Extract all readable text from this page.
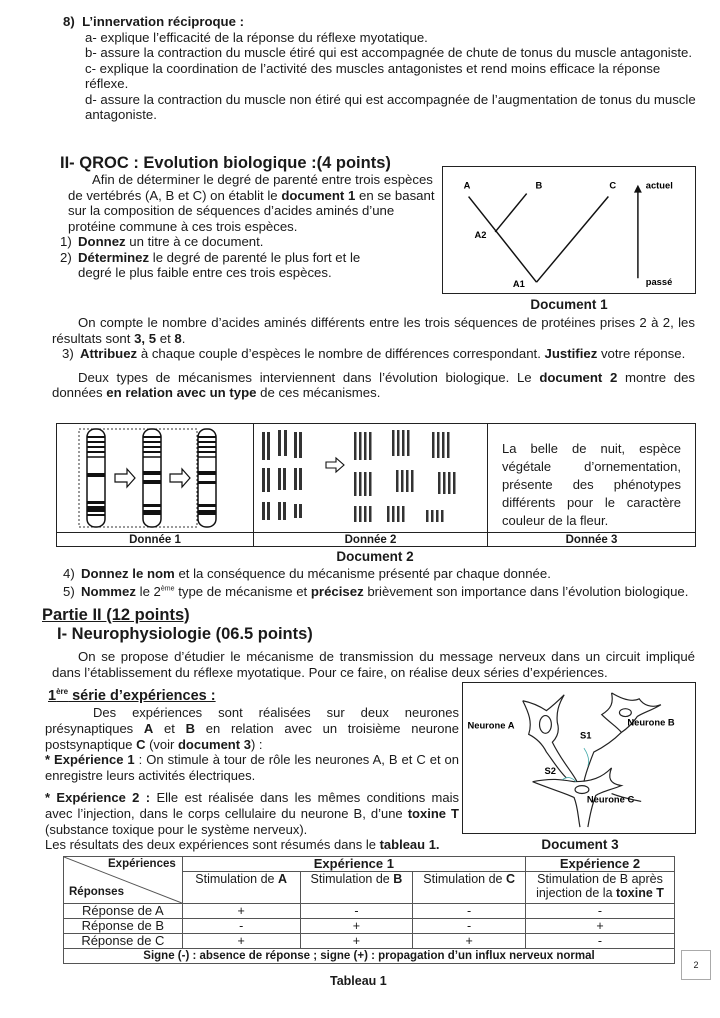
8) L’innervation réciproque :
a- explique l’efficacité de la réponse du réflexe myotatique.
b- assure la contraction du muscle étiré qui est accompagnée de chute de tonus du muscle antagoniste.
c- explique la coordination de l’activité des muscles antagonistes et rend moins efficace la réponse réflexe.
d- assure la contraction du muscle non étiré qui est accompagnée de l’augmentation de tonus du muscle antagoniste.
II- QROC : Evolution biologique :(4 points)

Afin de déterminer le degré de parenté entre trois espèces de vertébrés (A, B et C) on établit le document 1 en se basant sur la composition de séquences d’acides aminés d’une protéine commune à ces trois espèces.

1) Donnez un titre à ce document.
2) Déterminez le degré de parenté le plus fort et le degré le plus faible entre ces trois espèces.
A	B	C
A2
A1
actuel
passé
Document 1

On compte le nombre d’acides aminés différents entre les trois séquences de protéines prises 2 à 2, les résultats sont 3, 5 et 8.

3) Attribuez à chaque couple d’espèces le nombre de différences correspondant. Justifiez votre réponse.

Deux types de mécanismes interviennent dans l’évolution biologique. Le document 2 montre des données en relation avec un type de ces mécanismes.

La belle de nuit, espèce végétale d’ornementation, présente des phénotypes différents pour le caractère couleur de la fleur.
Donnée 1	Donnée 2	Donnée 3
Document 2
4) Donnez le nom et la conséquence du mécanisme présenté par chaque donnée.
5) Nommez le 2ème type de mécanisme et précisez brièvement son importance dans l’évolution biologique.
Partie II (12 points)
I- Neurophysiologie (06.5 points)

On se propose d’étudier le mécanisme de transmission du message nerveux dans un circuit impliqué dans l’établissement du réflexe myotatique. Pour ce faire, on réalise deux séries d’expériences.

1ère série d’expériences :

Des expériences sont réalisées sur deux neurones présynaptiques A et B en relation avec un troisième neurone postsynaptique C (voir document 3) :

* Expérience 1 : On stimule à tour de rôle les neurones A, B et C et on enregistre leurs activités électriques.

* Expérience 2 : Elle est réalisée dans les mêmes conditions mais avec l’injection, dans le corps cellulaire du neurone B, d’une toxine T (substance toxique pour le système nerveux).

Les résultats des deux expériences sont résumés dans le tableau 1.

Neurone A	Neurone B
Neurone C
S1
S2
Document 3
Expériences
Réponses	Expérience 1			Expérience 2
	Stimulation de A	Stimulation de B	Stimulation de C	Stimulation de B après injection de la toxine T
Réponse de A	+	-	-	-
Réponse de B	-	+	-	+
Réponse de C	+	+	+	-
Signe (-) : absence de réponse ; signe (+) : propagation d’un influx nerveux normal				
Tableau 1
2
